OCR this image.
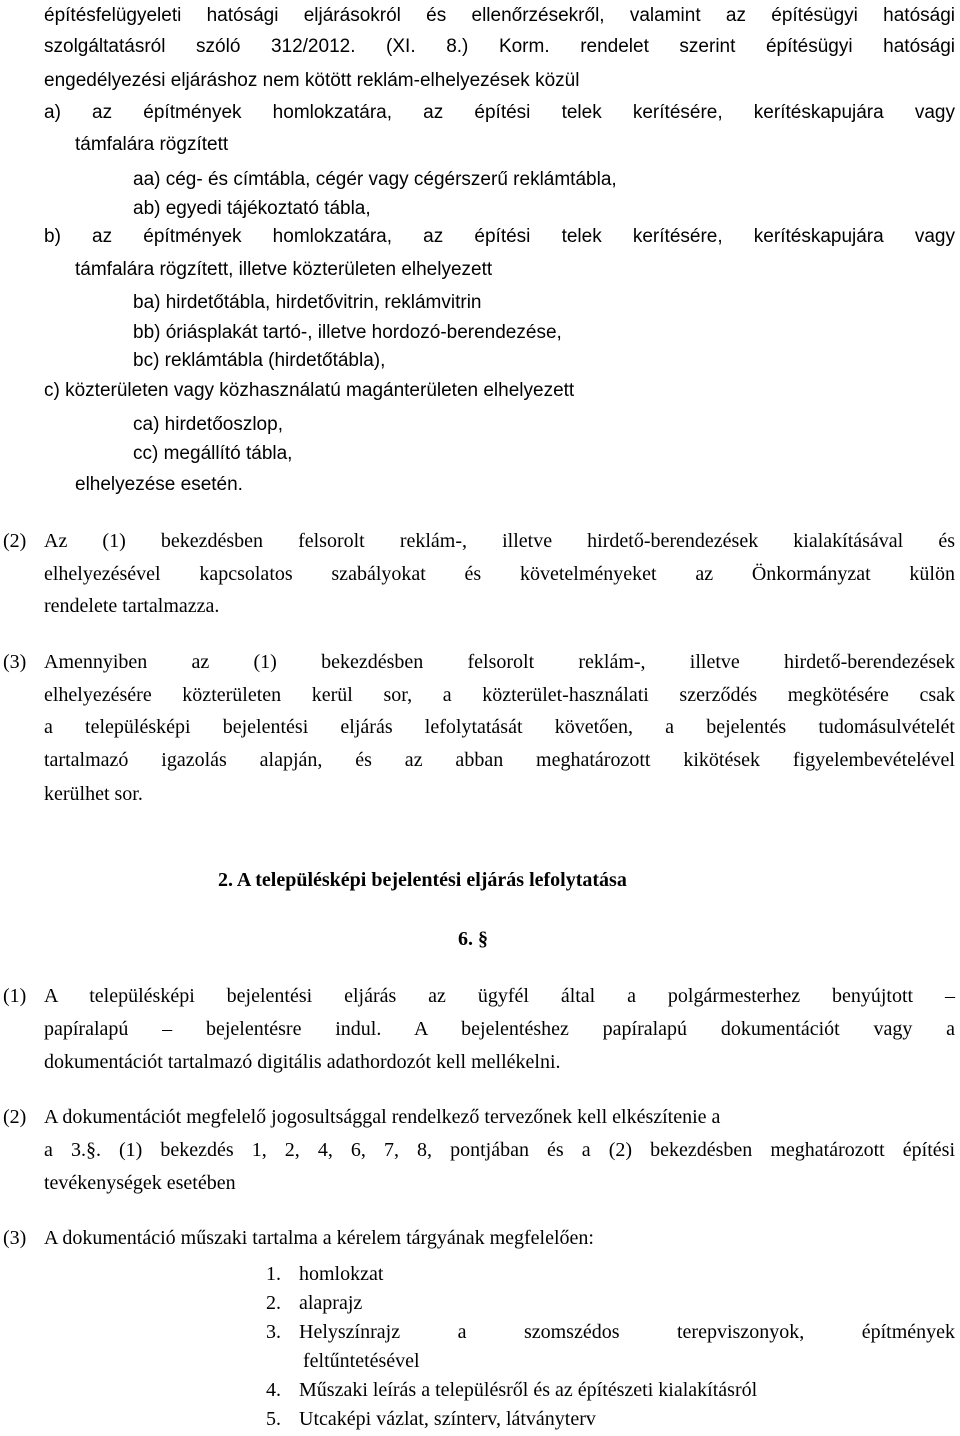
építésfelügyeleti hatósági eljárásokról és ellenőrzésekről, valamint az építésügyi hatósági
szolgáltatásról szóló 312/2012. (XI. 8.) Korm. rendelet szerint építésügyi hatósági
engedélyezési eljáráshoz nem kötött reklám-elhelyezések közül
a) az építmények homlokzatára, az építési telek kerítésére, kerítéskapujára vagy
támfalára rögzített
aa) cég- és címtábla, cégér vagy cégérszerű reklámtábla,
ab) egyedi tájékoztató tábla,
b) az építmények homlokzatára, az építési telek kerítésére, kerítéskapujára vagy
támfalára rögzített, illetve közterületen elhelyezett
ba) hirdetőtábla, hirdetővitrin, reklámvitrin
bb) óriásplakát tartó-, illetve hordozó-berendezése,
bc) reklámtábla (hirdetőtábla),
c) közterületen vagy közhasználatú magánterületen elhelyezett
ca) hirdetőoszlop,
cc) megállító tábla,
elhelyezése esetén.
(2) Az (1) bekezdésben felsorolt reklám-, illetve hirdető-berendezések kialakításával és
elhelyezésével kapcsolatos szabályokat és követelményeket az Önkormányzat külön
rendelete tartalmazza.
(3) Amennyiben az (1) bekezdésben felsorolt reklám-, illetve hirdető-berendezések
elhelyezésére közterületen kerül sor, a közterület-használati szerződés megkötésére csak
a településképi bejelentési eljárás lefolytatását követően, a bejelentés tudomásulvételét
tartalmazó igazolás alapján, és az abban meghatározott kikötések figyelembevételével
kerülhet sor.
2. A településképi bejelentési eljárás lefolytatása
6. §
(1) A településképi bejelentési eljárás az ügyfél által a polgármesterhez benyújtott –
papíralapú – bejelentésre indul. A bejelentéshez papíralapú dokumentációt vagy a
dokumentációt tartalmazó digitális adathordozót kell mellékelni.
(2) A dokumentációt megfelelő jogosultsággal rendelkező tervezőnek kell elkészítenie a
a 3.§. (1) bekezdés 1, 2, 4, 6, 7, 8, pontjában és a (2) bekezdésben meghatározott építési
tevékenységek esetében
(3) A dokumentáció műszaki tartalma a kérelem tárgyának megfelelően:
1. homlokzat
2. alaprajz
3. Helyszínrajz a szomszédos terepviszonyok, építmények
feltűntetésével
4. Műszaki leírás a településről és az építészeti kialakításról
5. Utcaképi vázlat, színterv, látványterv
